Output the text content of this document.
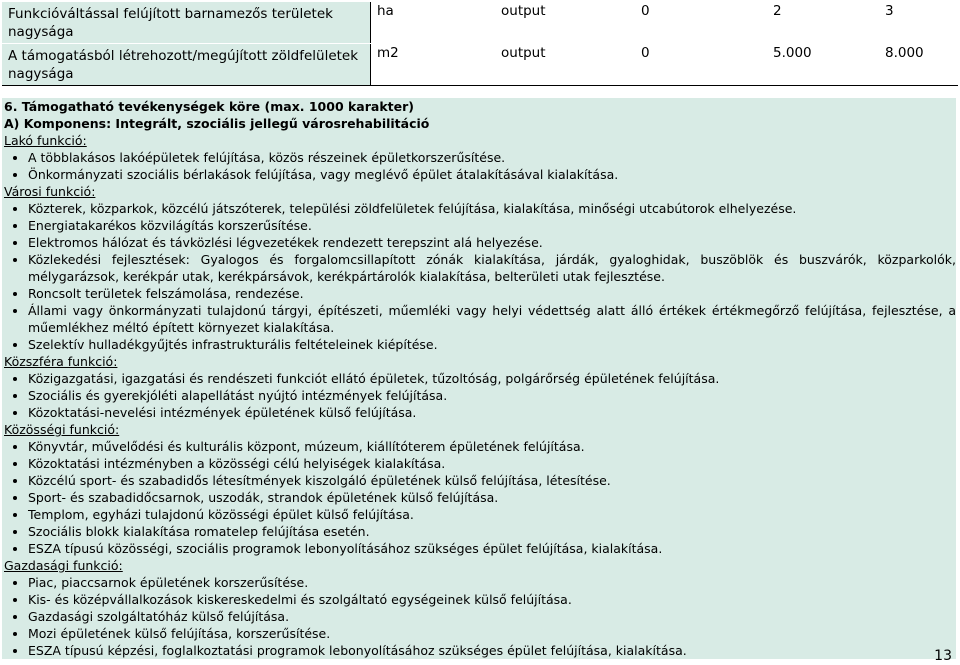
Funkcióváltással felújított barnamezős területek nagysága	ha	output	0	2	3
A támogatásból létrehozott/megújított zöldfelületek nagysága	m2	output	0	5.000	8.000
6. Támogatható tevékenységek köre (max. 1000 karakter)
A) Komponens: Integrált, szociális jellegű városrehabilitáció
Lakó funkció:
• A többlakásos lakóépületek felújítása, közös részeinek épületkorszerűsítése.
• Önkormányzati szociális bérlakások felújítása, vagy meglévő épület átalakításával kialakítása.
Városi funkció:
• Közterek, közparkok, közcélú játszóterek, települési zöldfelületek felújítása, kialakítása, minőségi utcabútorok elhelyezése.
• Energiatakarékos közvilágítás korszerűsítése.
• Elektromos hálózat és távközlési légvezetékek rendezett terepszint alá helyezése.
• Közlekedési fejlesztések: Gyalogos és forgalomcsillapított zónák kialakítása, járdák, gyaloghidak, buszöblök és buszvárók, közparkolók, mélygarázsok, kerékpár utak, kerékpársávok, kerékpártárolók kialakítása, belterületi utak fejlesztése.
• Roncsolt területek felszámolása, rendezése.
• Állami vagy önkormányzati tulajdonú tárgyi, építészeti, műemléki vagy helyi védettség alatt álló értékek értékmegőrző felújítása, fejlesztése, a műemlékhez méltó épített környezet kialakítása.
• Szelektív hulladékgyűjtés infrastrukturális feltételeinek kiépítése.
Közszféra funkció:
• Közigazgatási, igazgatási és rendészeti funkciót ellátó épületek, tűzoltóság, polgárőrség épületének felújítása.
• Szociális és gyerekjóléti alapellátást nyújtó intézmények felújítása.
• Közoktatási-nevelési intézmények épületének külső felújítása.
Közösségi funkció:
• Könyvtár, művelődési és kulturális központ, múzeum, kiállítóterem épületének felújítása.
• Közoktatási intézményben a közösségi célú helyiségek kialakítása.
• Közcélú sport- és szabadidős létesítmények kiszolgáló épületének külső felújítása, létesítése.
• Sport- és szabadidőcsarnok, uszodák, strandok épületének külső felújítása.
• Templom, egyházi tulajdonú közösségi épület külső felújítása.
• Szociális blokk kialakítása romatelep felújítása esetén.
• ESZA típusú közösségi, szociális programok lebonyolításához szükséges épület felújítása, kialakítása.
Gazdasági funkció:
• Piac, piaccsarnok épületének korszerűsítése.
• Kis- és középvállalkozások kiskereskedelmi és szolgáltató egységeinek külső felújítása.
• Gazdasági szolgáltatóház külső felújítása.
• Mozi épületének külső felújítása, korszerűsítése.
• ESZA típusú képzési, foglalkoztatási programok lebonyolításához szükséges épület felújítása, kialakítása.	13
